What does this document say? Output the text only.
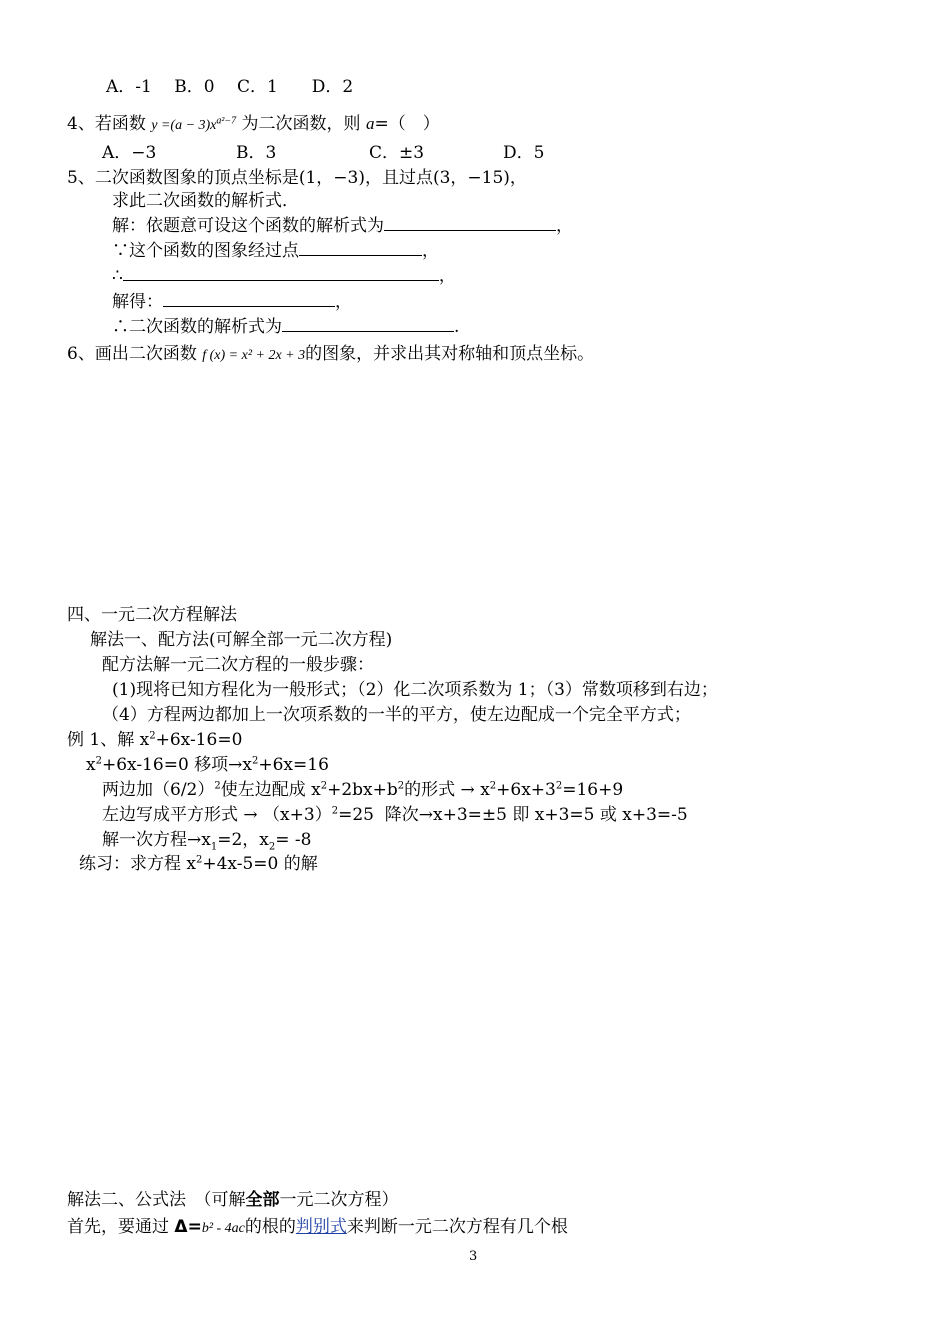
A．-1　 B．0　 C．1　　 D．2
4、若函数 $y =(a - 3)x^{a^2-7}$ 为二次函数，则 a=（　）
A．−3	B．3	C．±3	D．5
5、二次函数图象的顶点坐标是(1，−3)，且过点(3，−15)，
求此二次函数的解析式．
解：依题意可设这个函数的解析式为	，
∵这个函数的图象经过点	，
∴	，
解得：	，
∴二次函数的解析式为	.
6、画出二次函数 f (x) = x² + 2x + 3的图象，并求出其对称轴和顶点坐标。
四、一元二次方程解法
解法一、配方法(可解全部一元二次方程)
配方法解一元二次方程的一般步骤：
(1)现将已知方程化为一般形式；（2）化二次项系数为 1；（3）常数项移到右边；
（4）方程两边都加上一次项系数的一半的平方，使左边配成一个完全平方式；
例 1、解 $x^2+6x-16=0$
$x^2+6x-16=0$ 移项$\to x^2+6x=16$
两边加$(6/2)^2$使左边配成 $x^2+2bx+b^2$的形式 → $x^2+6x+3^2=16+9$
左边写成平方形式 → $(x+3)^2=25$  降次→x+3=±5 即 x+3=5 或 x+3=-5
解一次方程$\to x_1=2$，$x_2= -8$
练习：求方程 $x^2+4x-5=0$ 的解
解法二、公式法　（可解全部一元二次方程）
首先，要通过 Δ=b² - 4ac的根的判别式来判断一元二次方程有几个根
3
